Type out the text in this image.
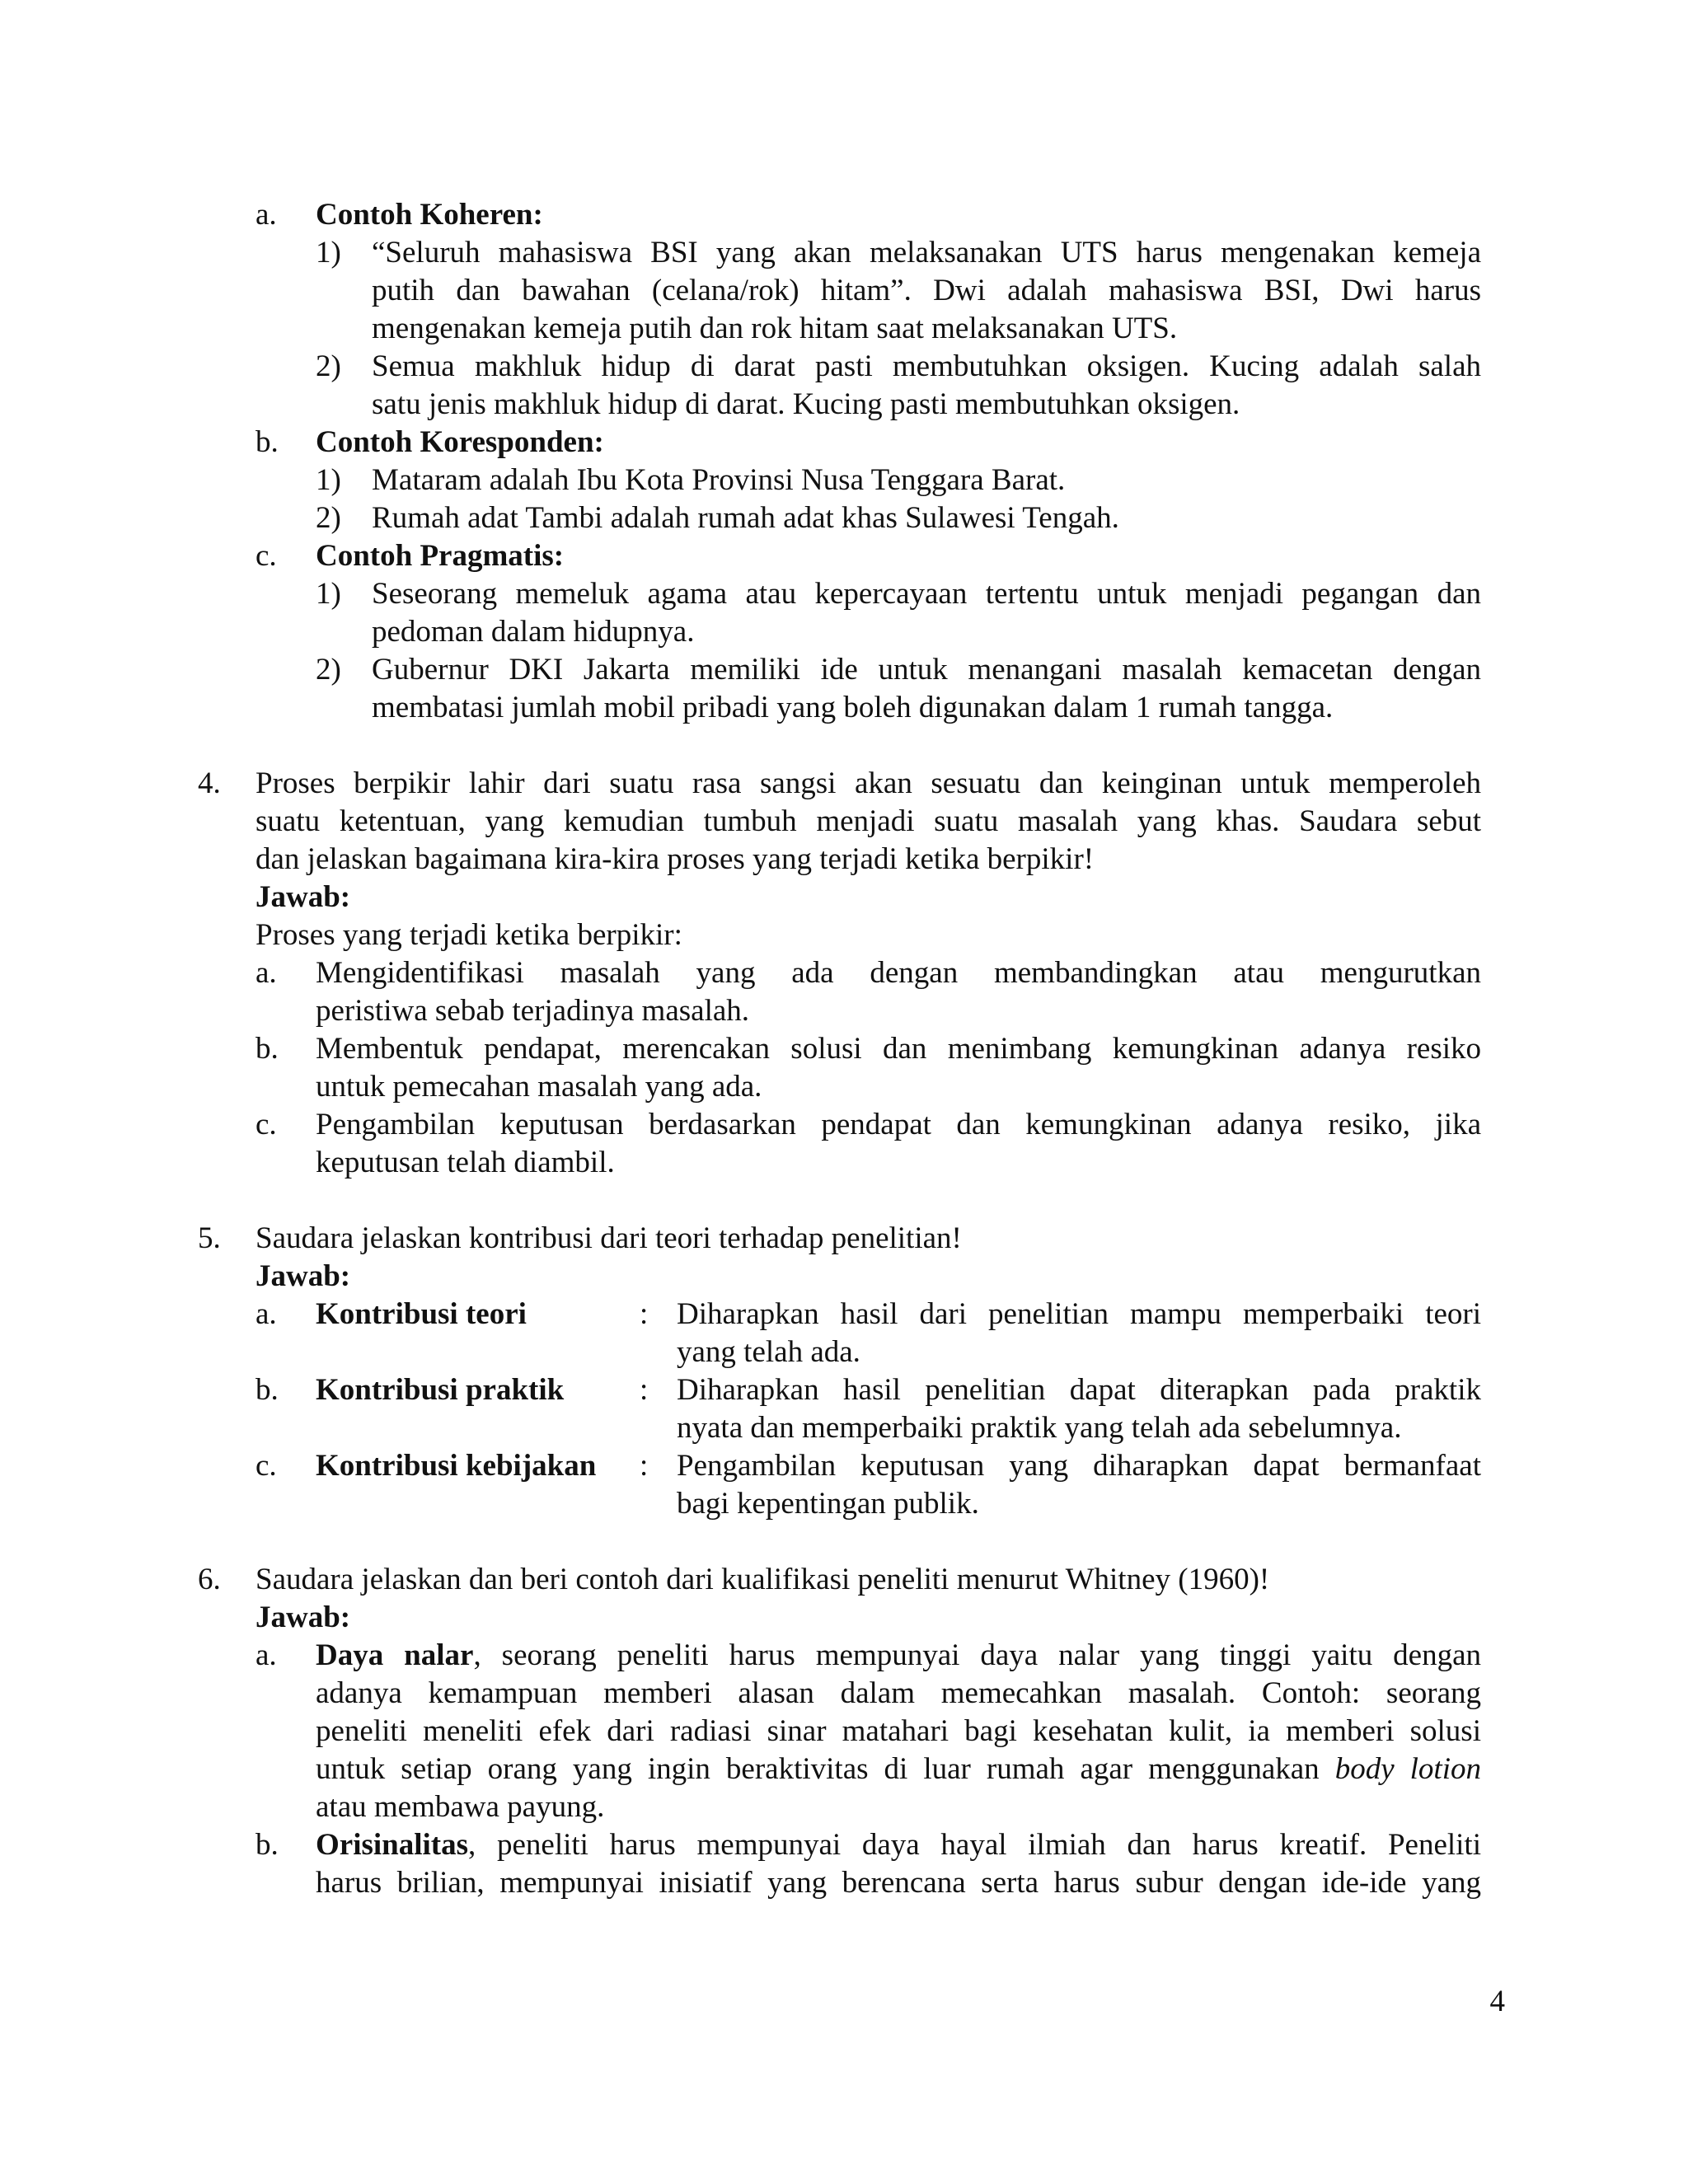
a. Contoh Koheren:
1) “Seluruh mahasiswa BSI yang akan melaksanakan UTS harus mengenakan kemeja
putih dan bawahan (celana/rok) hitam”. Dwi adalah mahasiswa BSI, Dwi harus
mengenakan kemeja putih dan rok hitam saat melaksanakan UTS.
2) Semua makhluk hidup di darat pasti membutuhkan oksigen. Kucing adalah salah
satu jenis makhluk hidup di darat. Kucing pasti membutuhkan oksigen.
b. Contoh Koresponden:
1) Mataram adalah Ibu Kota Provinsi Nusa Tenggara Barat.
2) Rumah adat Tambi adalah rumah adat khas Sulawesi Tengah.
c. Contoh Pragmatis:
1) Seseorang memeluk agama atau kepercayaan tertentu untuk menjadi pegangan dan
pedoman dalam hidupnya.
2) Gubernur DKI Jakarta memiliki ide untuk menangani masalah kemacetan dengan
membatasi jumlah mobil pribadi yang boleh digunakan dalam 1 rumah tangga.
4. Proses berpikir lahir dari suatu rasa sangsi akan sesuatu dan keinginan untuk memperoleh
suatu ketentuan, yang kemudian tumbuh menjadi suatu masalah yang khas. Saudara sebut
dan jelaskan bagaimana kira-kira proses yang terjadi ketika berpikir!
Jawab:
Proses yang terjadi ketika berpikir:
a. Mengidentifikasi masalah yang ada dengan membandingkan atau mengurutkan
peristiwa sebab terjadinya masalah.
b. Membentuk pendapat, merencakan solusi dan menimbang kemungkinan adanya resiko
untuk pemecahan masalah yang ada.
c. Pengambilan keputusan berdasarkan pendapat dan kemungkinan adanya resiko, jika
keputusan telah diambil.
5. Saudara jelaskan kontribusi dari teori terhadap penelitian!
Jawab:
a. Kontribusi teori	: Diharapkan hasil dari penelitian mampu memperbaiki teori
yang telah ada.
b. Kontribusi praktik : Diharapkan hasil penelitian dapat diterapkan pada praktik
nyata dan memperbaiki praktik yang telah ada sebelumnya.
c. Kontribusi kebijakan : Pengambilan keputusan yang diharapkan dapat bermanfaat
bagi kepentingan publik.
6. Saudara jelaskan dan beri contoh dari kualifikasi peneliti menurut Whitney (1960)!
Jawab:
a. Daya nalar, seorang peneliti harus mempunyai daya nalar yang tinggi yaitu dengan
adanya kemampuan memberi alasan dalam memecahkan masalah. Contoh: seorang
peneliti meneliti efek dari radiasi sinar matahari bagi kesehatan kulit, ia memberi solusi
untuk setiap orang yang ingin beraktivitas di luar rumah agar menggunakan body lotion
atau membawa payung.
b. Orisinalitas, peneliti harus mempunyai daya hayal ilmiah dan harus kreatif. Peneliti
harus brilian, mempunyai inisiatif yang berencana serta harus subur dengan ide-ide yang
4
